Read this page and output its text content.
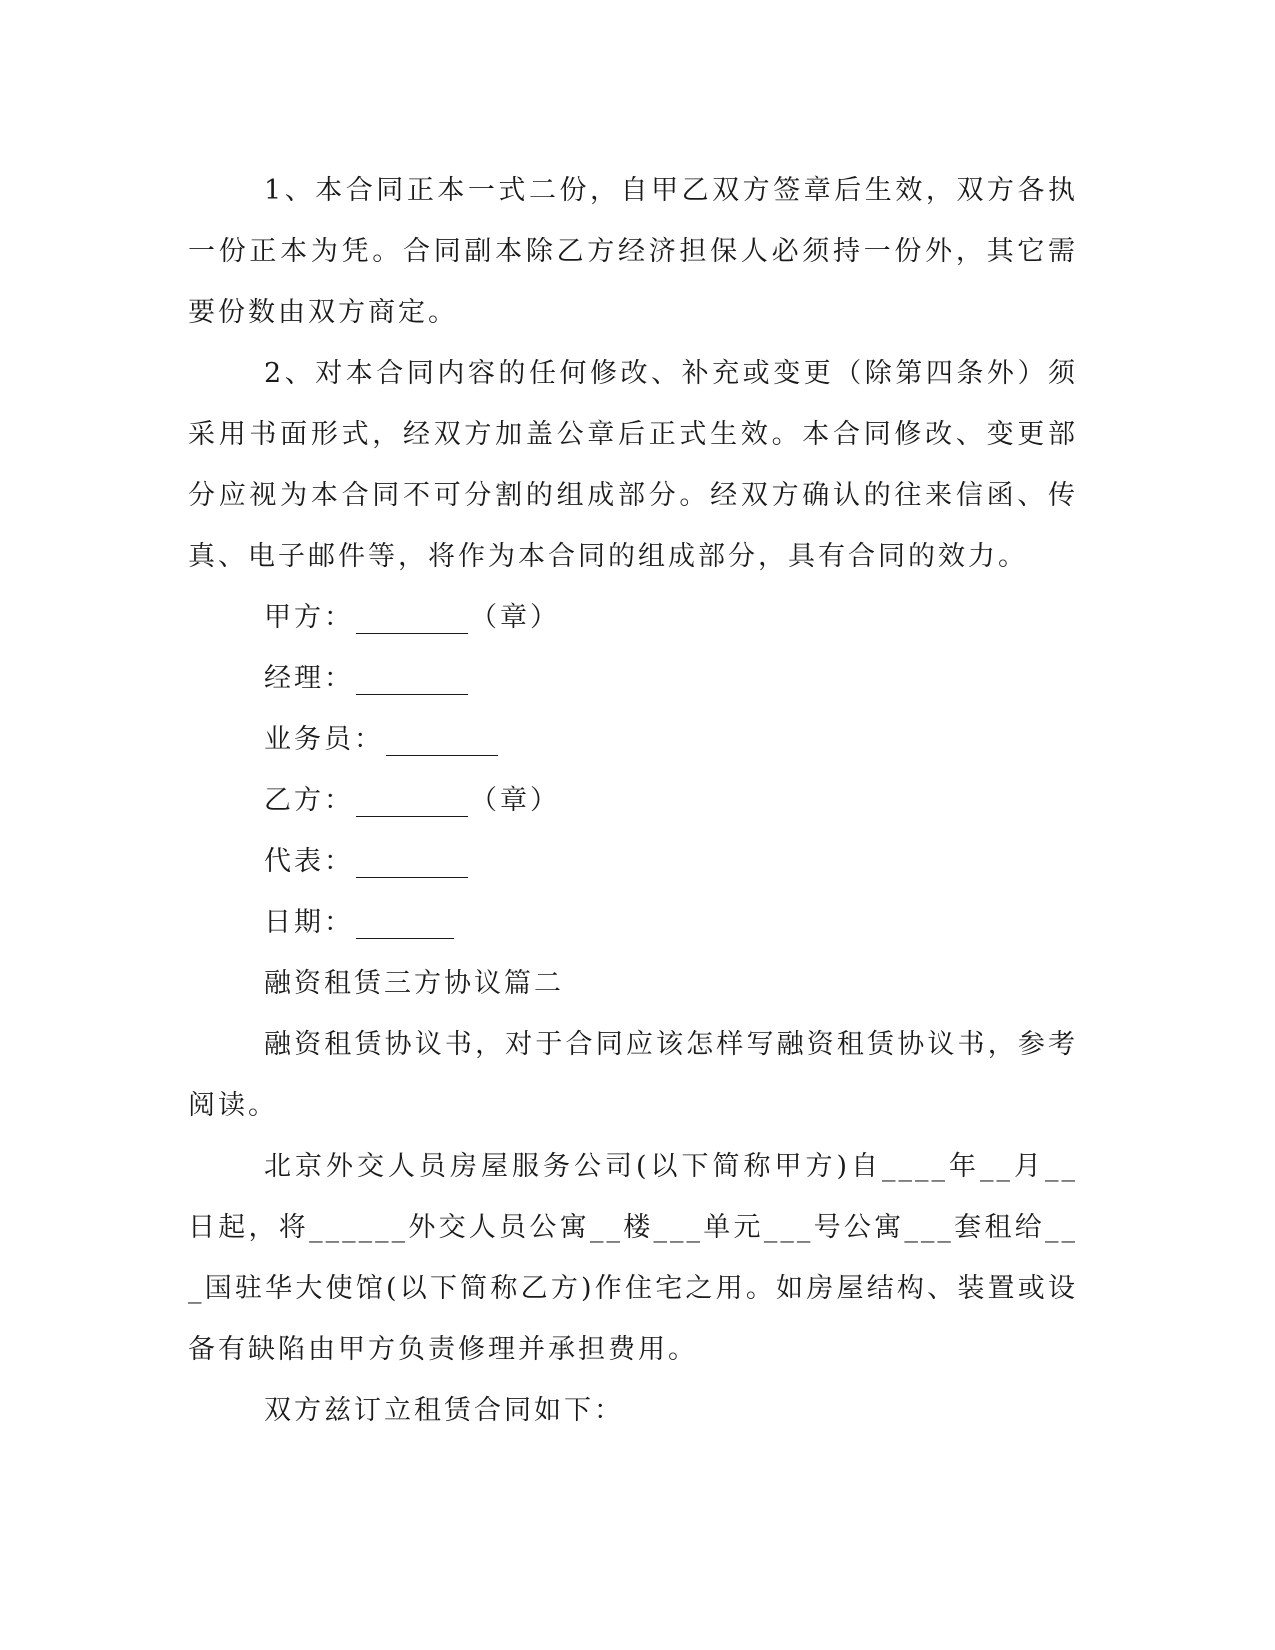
1、本合同正本一式二份，自甲乙双方签章后生效，双方各执一份正本为凭。合同副本除乙方经济担保人必须持一份外，其它需要份数由双方商定。

2、对本合同内容的任何修改、补充或变更（除第四条外）须采用书面形式，经双方加盖公章后正式生效。本合同修改、变更部分应视为本合同不可分割的组成部分。经双方确认的往来信函、传真、电子邮件等，将作为本合同的组成部分，具有合同的效力。

甲方：	（章）
经理：
业务员：
乙方：	（章）
代表：
日期：
融资租赁三方协议篇二

融资租赁协议书，对于合同应该怎样写融资租赁协议书，参考阅读。

北京外交人员房屋服务公司(以下简称甲方)自____年__月__日起，将______外交人员公寓__楼___单元___号公寓___套租给___国驻华大使馆(以下简称乙方)作住宅之用。如房屋结构、装置或设备有缺陷由甲方负责修理并承担费用。

双方兹订立租赁合同如下：
